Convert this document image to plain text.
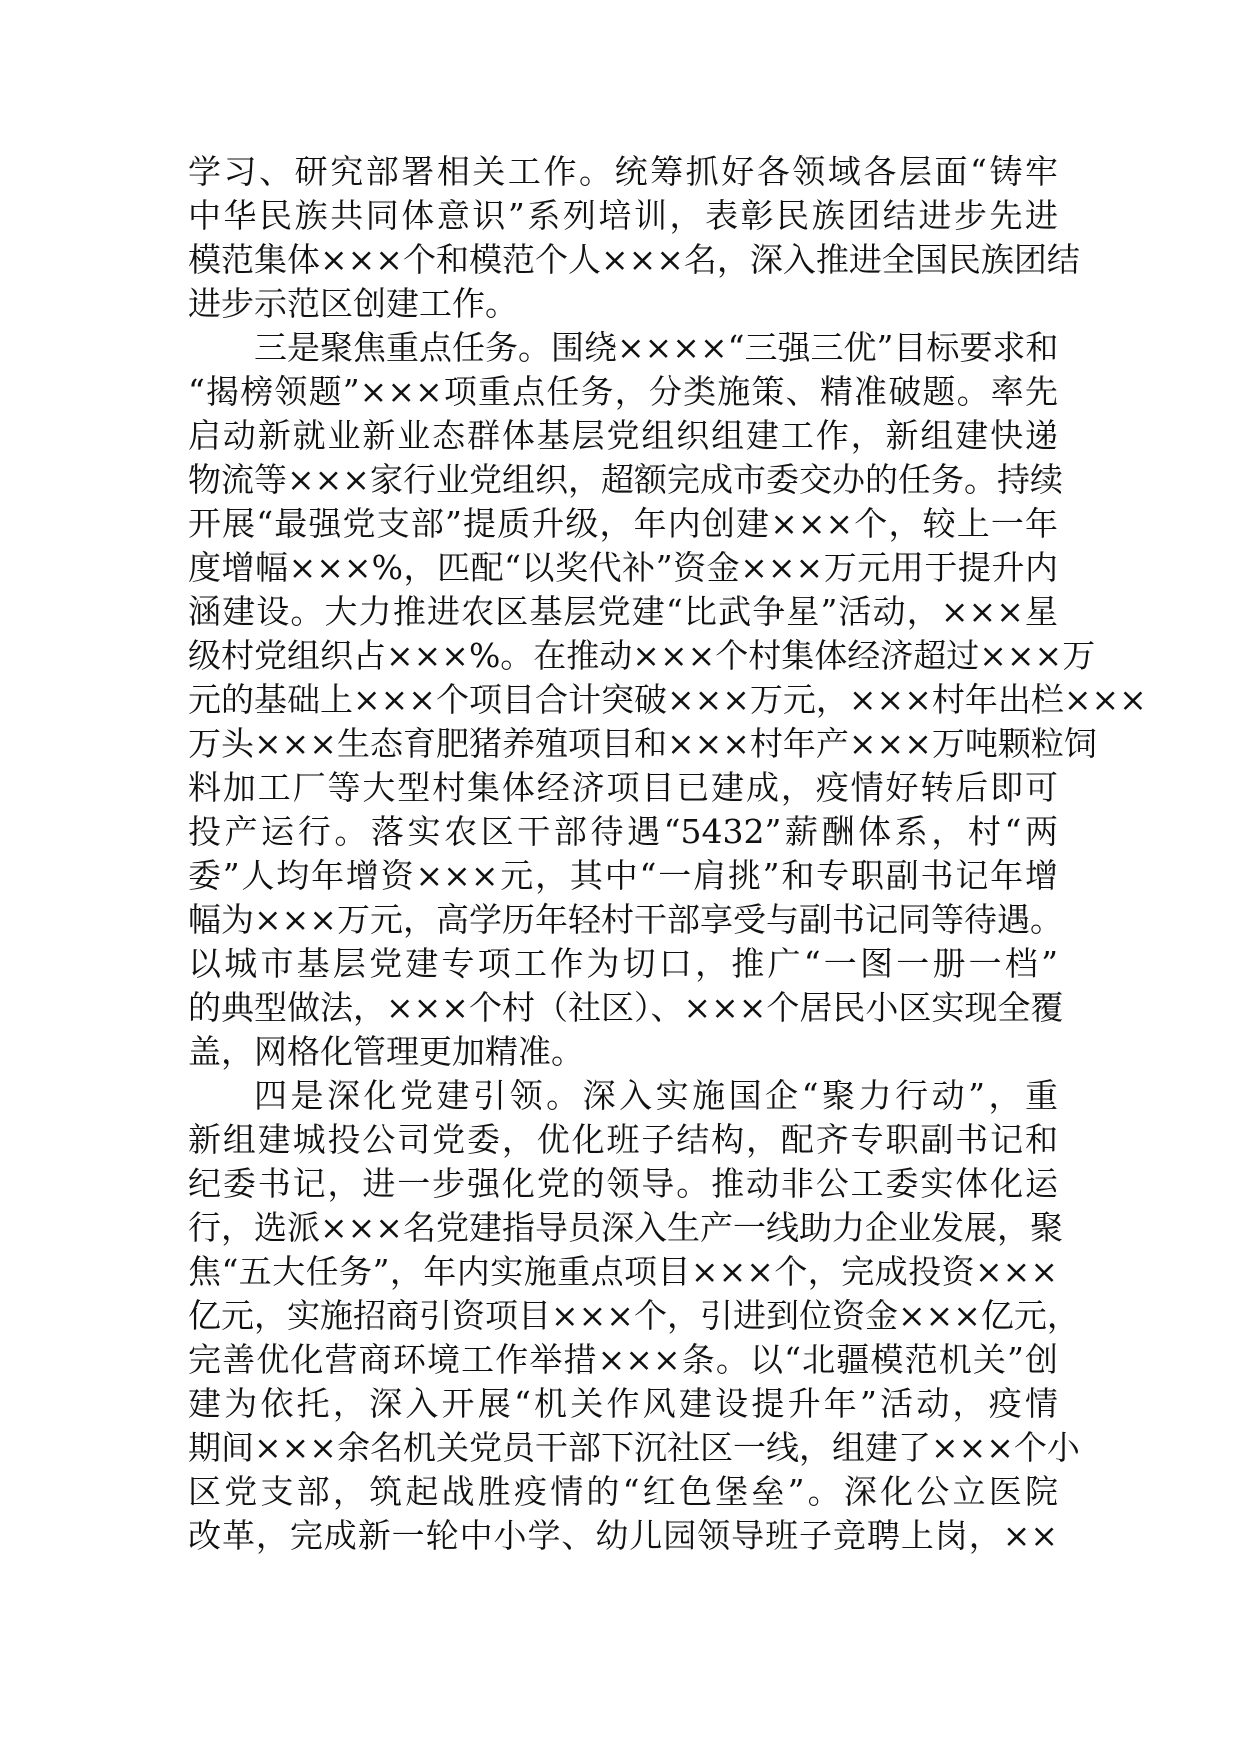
学习、研究部署相关工作。统筹抓好各领域各层面“铸牢
中华民族共同体意识”系列培训，表彰民族团结进步先进
模范集体×××个和模范个人×××名，深入推进全国民族团结
进步示范区创建工作。
三是聚焦重点任务。围绕××××“三强三优”目标要求和
“揭榜领题”×××项重点任务，分类施策、精准破题。率先
启动新就业新业态群体基层党组织组建工作，新组建快递
物流等×××家行业党组织，超额完成市委交办的任务。持续
开展“最强党支部”提质升级，年内创建×××个，较上一年
度增幅×××%，匹配“以奖代补”资金×××万元用于提升内
涵建设。大力推进农区基层党建“比武争星”活动，×××星
级村党组织占×××%。在推动×××个村集体经济超过×××万
元的基础上×××个项目合计突破×××万元，×××村年出栏×××
万头×××生态育肥猪养殖项目和×××村年产×××万吨颗粒饲
料加工厂等大型村集体经济项目已建成，疫情好转后即可
投产运行。落实农区干部待遇“5432”薪酬体系，村“两
委”人均年增资×××元，其中“一肩挑”和专职副书记年增
幅为×××万元，高学历年轻村干部享受与副书记同等待遇。
以城市基层党建专项工作为切口，推广“一图一册一档”
的典型做法，×××个村（社区）、×××个居民小区实现全覆
盖，网格化管理更加精准。
四是深化党建引领。深入实施国企“聚力行动”，重
新组建城投公司党委，优化班子结构，配齐专职副书记和
纪委书记，进一步强化党的领导。推动非公工委实体化运
行，选派×××名党建指导员深入生产一线助力企业发展，聚
焦“五大任务”，年内实施重点项目×××个，完成投资×××
亿元，实施招商引资项目×××个，引进到位资金×××亿元，
完善优化营商环境工作举措×××条。以“北疆模范机关”创
建为依托，深入开展“机关作风建设提升年”活动，疫情
期间×××余名机关党员干部下沉社区一线，组建了×××个小
区党支部，筑起战胜疫情的“红色堡垒”。深化公立医院
改革，完成新一轮中小学、幼儿园领导班子竞聘上岗，××
